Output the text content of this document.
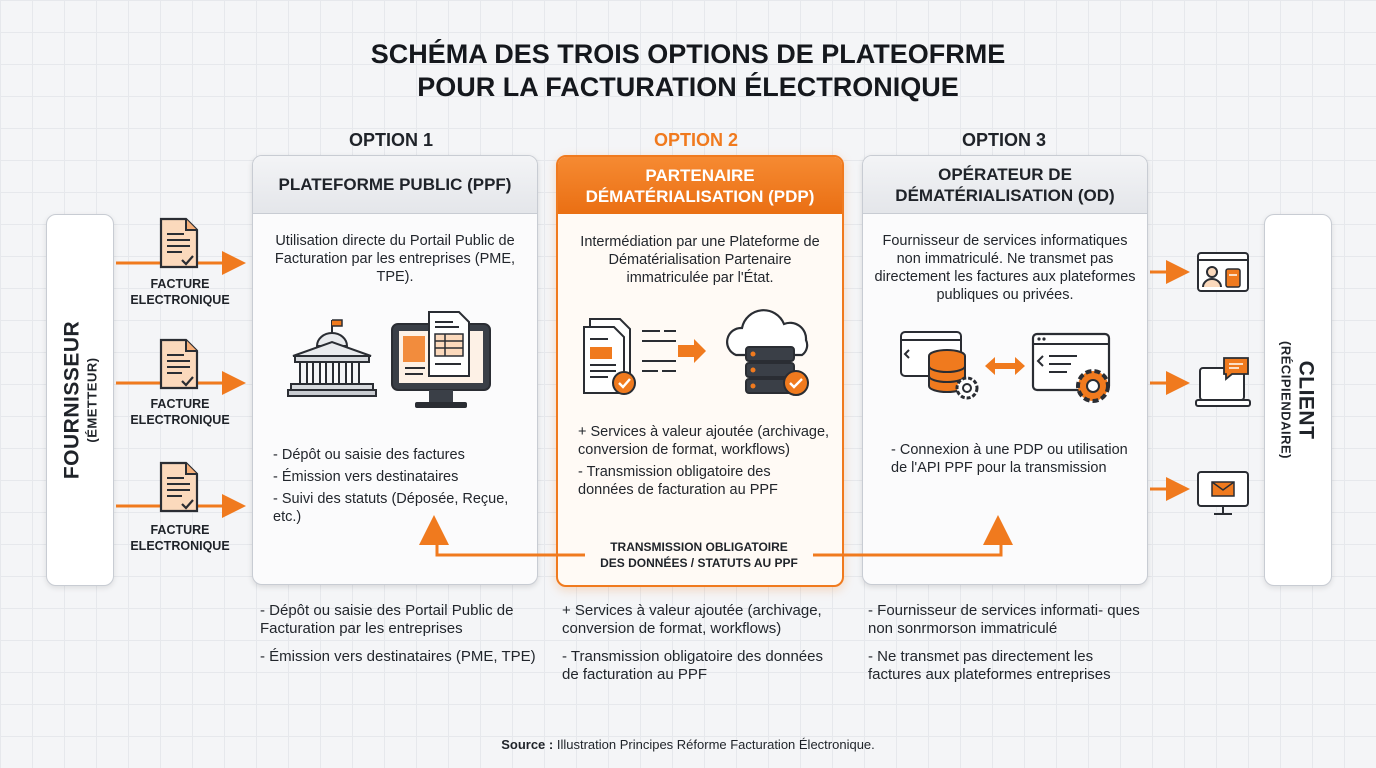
SCHÉMA DES TROIS OPTIONS DE PLATEOFRME
POUR LA FACTURATION ÉLECTRONIQUE
OPTION 1	OPTION 2	OPTION 3
FOURNISSEUR (ÉMETTEUR)	CLIENT
(RÉCIPIENDAIRE)
FACTURE
ELECTRONIQUE
FACTURE
ELECTRONIQUE
FACTURE
ELECTRONIQUE
PLATEFORME PUBLIC (PPF)
Utilisation directe du Portail Public de Facturation par les entreprises (PME, TPE).
- Dépôt ou saisie des factures
- Émission vers destinataires
- Suivi des statuts (Déposée, Reçue, etc.)
PARTENAIRE DÉMATÉRIALISATION (PDP)
Intermédiation par une Plateforme de Dématérialisation Partenaire immatriculée par l'État.
+ Services à valeur ajoutée (archivage, conversion de format, workflows)
- Transmission obligatoire des données de facturation au PPF
OPÉRATEUR DE DÉMATÉRIALISATION (OD)
Fournisseur de services informatiques non immatriculé. Ne transmet pas directement les factures aux plateformes publiques ou privées.
- Connexion à une PDP ou utilisation de l'API PPF pour la transmission
TRANSMISSION OBLIGATOIRE
DES DONNÉES / STATUTS AU PPF
- Dépôt ou saisie des Portail Public de Facturation par les entreprises
- Émission vers destinataires (PME, TPE)
+ Services à valeur ajoutée (archivage, conversion de format, workflows)
- Transmission obligatoire des données de facturation au PPF
- Fournisseur de services informati- ques non sonrmorson immatriculé
- Ne transmet pas directement les factures aux plateformes entreprises
Source : Illustration Principes Réforme Facturation Électronique.
